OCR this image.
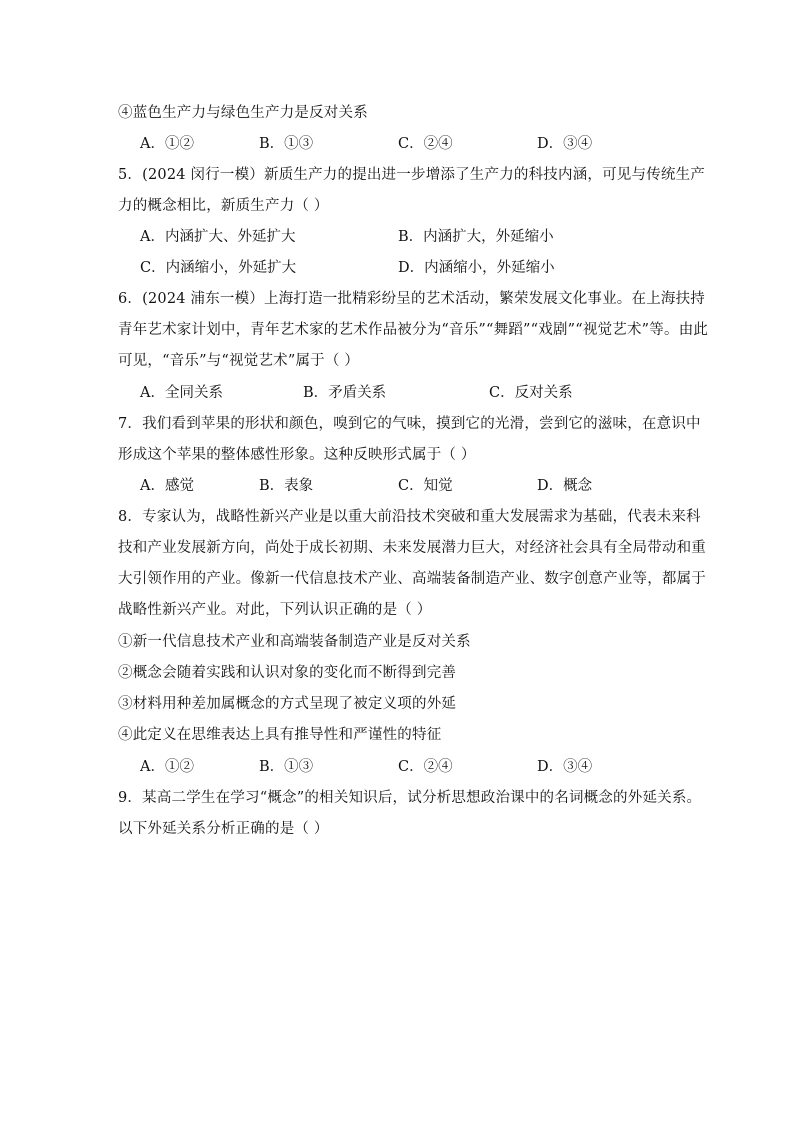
④蓝色生产力与绿色生产力是反对关系
A．①②	B．①③	C．②④	D．③④
5．(2024 闵行一模）新质生产力的提出进一步增添了生产力的科技内涵，可见与传统生产
力的概念相比，新质生产力（ ）
A．内涵扩大、外延扩大	B．内涵扩大，外延缩小
C．内涵缩小，外延扩大	D．内涵缩小，外延缩小
6．(2024 浦东一模）上海打造一批精彩纷呈的艺术活动，繁荣发展文化事业。在上海扶持
青年艺术家计划中，青年艺术家的艺术作品被分为“音乐”“舞蹈”“戏剧”“视觉艺术”等。由此
可见，“音乐”与“视觉艺术”属于（ ）
A．全同关系	B．矛盾关系	C．反对关系
7．我们看到苹果的形状和颜色，嗅到它的气味，摸到它的光滑，尝到它的滋味，在意识中
形成这个苹果的整体感性形象。这种反映形式属于（ ）
A．感觉	B．表象	C．知觉	D．概念
8．专家认为，战略性新兴产业是以重大前沿技术突破和重大发展需求为基础，代表未来科
技和产业发展新方向，尚处于成长初期、未来发展潜力巨大，对经济社会具有全局带动和重
大引领作用的产业。像新一代信息技术产业、高端装备制造产业、数字创意产业等，都属于
战略性新兴产业。对此，下列认识正确的是（ ）
①新一代信息技术产业和高端装备制造产业是反对关系
②概念会随着实践和认识对象的变化而不断得到完善
③材料用种差加属概念的方式呈现了被定义项的外延
④此定义在思维表达上具有推导性和严谨性的特征
A．①②	B．①③	C．②④	D．③④
9．某高二学生在学习“概念”的相关知识后，试分析思想政治课中的名词概念的外延关系。
以下外延关系分析正确的是（ ）
